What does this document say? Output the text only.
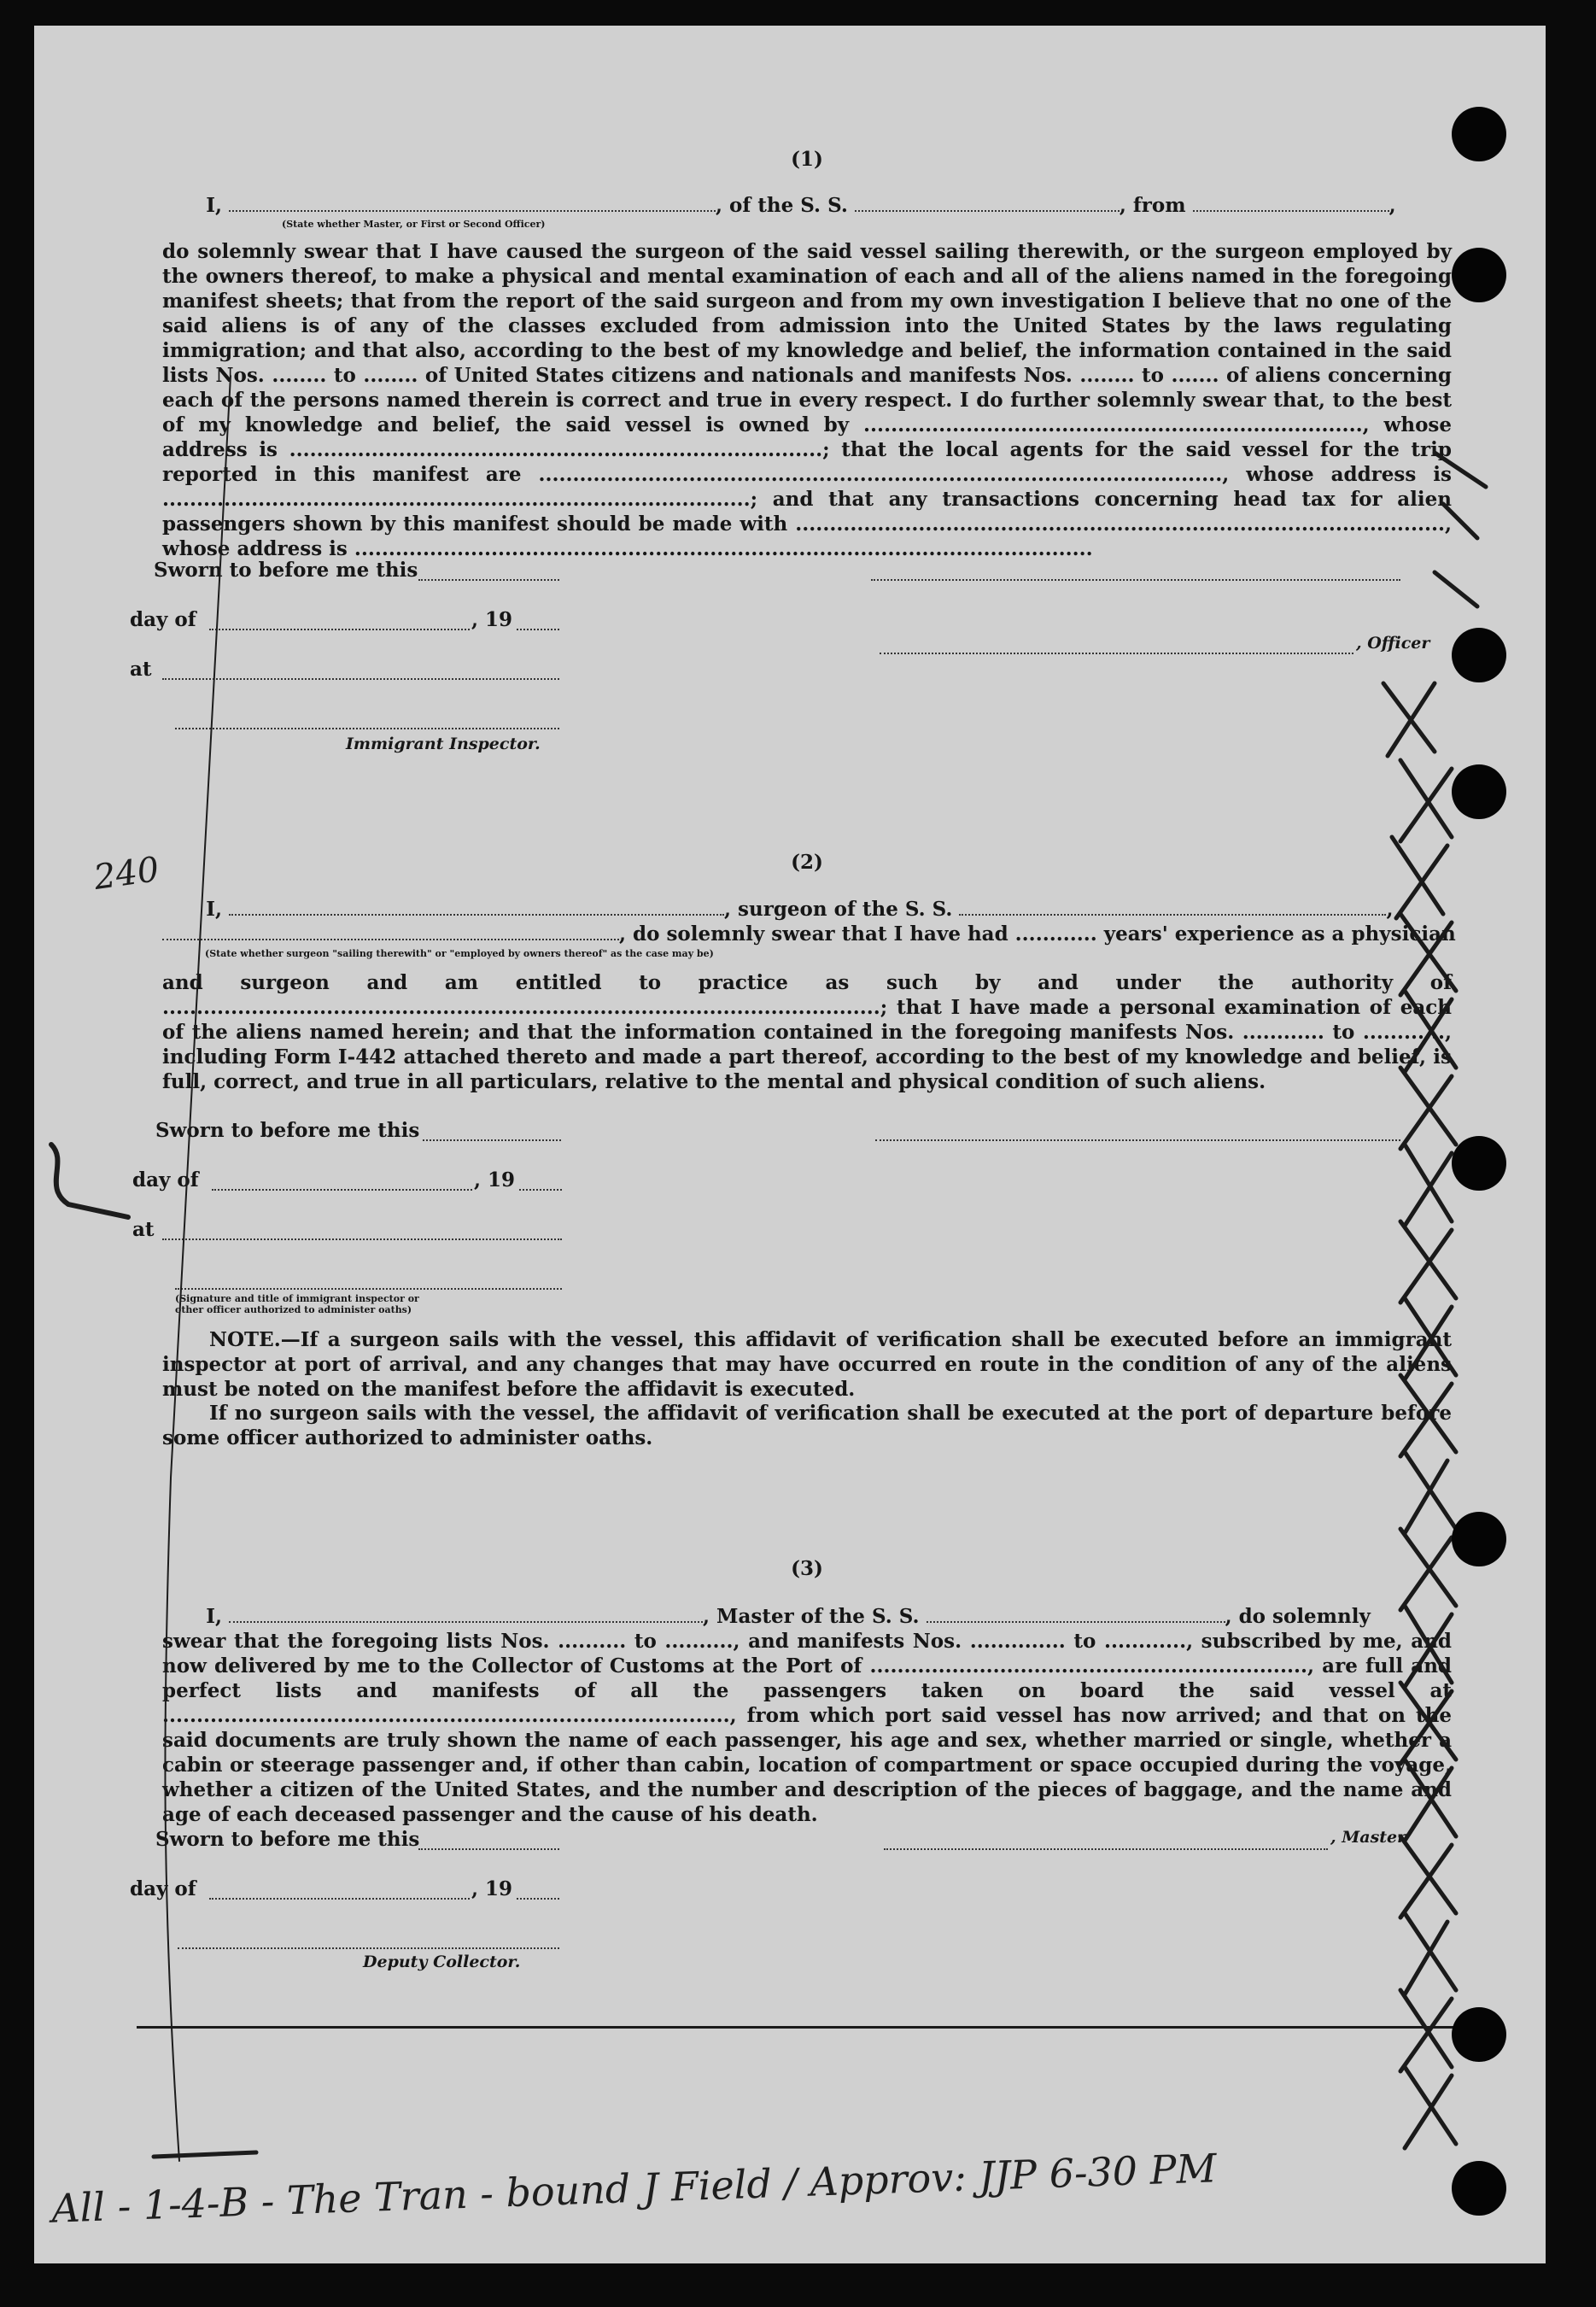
(1)
I,	, of the S. S.	, from	,
(State whether Master, or First or Second Officer)
do solemnly swear that I have caused the surgeon of the said vessel sailing therewith, or the surgeon employed by the owners thereof, to make a physical and mental examination of each and all of the aliens named in the foregoing manifest sheets; that from the report of the said surgeon and from my own investigation I believe that no one of the said aliens is of any of the classes excluded from admission into the United States by the laws regulating immigration; and that also, according to the best of my knowledge and belief, the information contained in the said lists Nos. ........ to ........ of United States citizens and nationals and manifests Nos. ........ to ....... of aliens concerning each of the persons named therein is correct and true in every respect. I do further solemnly swear that, to the best of my knowledge and belief, the said vessel is owned by ........................................................................., whose address is ..............................................................................; that the local agents for the said vessel for the trip reported in this manifest are ...................................................................................................., whose address is ......................................................................................; and that any transactions concerning head tax for alien passengers shown by this manifest should be made with ..............................................................................................., whose address is ............................................................................................................
Sworn to before me this
day of	, 19
, Officer
at
Immigrant Inspector.
(2)
I,	, surgeon of the S. S.	,
, do solemnly swear that I have had ............ years' experience as a physician
(State whether surgeon "sailing therewith" or "employed by owners thereof" as the case may be)
and surgeon and am entitled to practice as such by and under the authority of .........................................................................................................; that I have made a personal examination of each of the aliens named herein; and that the information contained in the foregoing manifests Nos. ............ to ............, including Form I-442 attached thereto and made a part thereof, according to the best of my knowledge and belief, is full, correct, and true in all particulars, relative to the mental and physical condition of such aliens.
Sworn to before me this
day of	, 19
at
(Signature and title of immigrant inspector or
other officer authorized to administer oaths)
NOTE.—If a surgeon sails with the vessel, this affidavit of verification shall be executed before an immigrant inspector at port of arrival, and any changes that may have occurred en route in the condition of any of the aliens must be noted on the manifest before the affidavit is executed.
If no surgeon sails with the vessel, the affidavit of verification shall be executed at the port of departure before some officer authorized to administer oaths.
(3)
I,	, Master of the S. S.	, do solemnly
swear that the foregoing lists Nos. .......... to .........., and manifests Nos. .............. to ............, subscribed by me, and now delivered by me to the Collector of Customs at the Port of ................................................................, are full and perfect lists and manifests of all the passengers taken on board the said vessel at ..................................................................................., from which port said vessel has now arrived; and that on the said documents are truly shown the name of each passenger, his age and sex, whether married or single, whether a cabin or steerage passenger and, if other than cabin, location of compartment or space occupied during the voyage, whether a citizen of the United States, and the number and description of the pieces of baggage, and the name and age of each deceased passenger and the cause of his death.
Sworn to before me this	, Master
day of	, 19
Deputy Collector.
240
All - 1-4-B - The Tran - bound J Field / Approv: JJP 6-30 PM
